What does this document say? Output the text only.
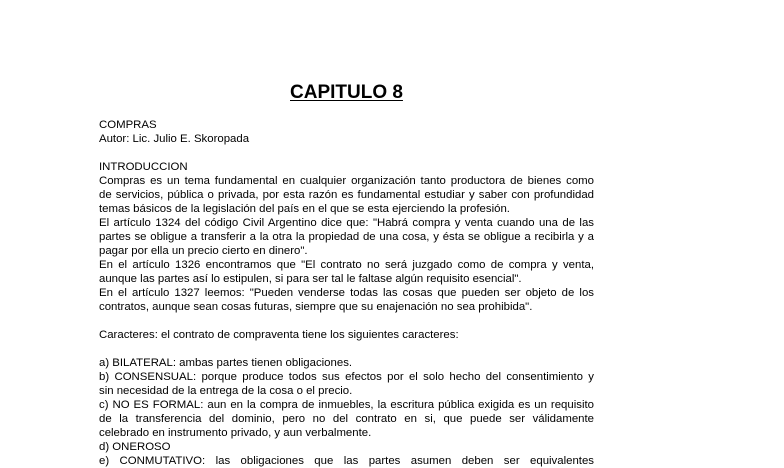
CAPITULO 8
COMPRAS
Autor: Lic. Julio E. Skoropada
INTRODUCCION
Compras es un tema fundamental en cualquier organización tanto productora de bienes como
de servicios, pública o privada, por esta razón es fundamental estudiar y saber con profundidad
temas básicos de la legislación del país en el que se esta ejerciendo la profesión.
El artículo 1324 del código Civil Argentino dice que: "Habrá compra y venta cuando una de las
partes se obligue a transferir a la otra la propiedad de una cosa, y ésta se obligue a recibirla y a
pagar por ella un precio cierto en dinero".
En el artículo 1326 encontramos que "El contrato no será juzgado como de compra y venta,
aunque las partes así lo estipulen, si para ser tal le faltase algún requisito esencial".
En el artículo 1327 leemos: "Pueden venderse todas las cosas que pueden ser objeto de los
contratos, aunque sean cosas futuras, siempre que su enajenación no sea prohibida".
Caracteres: el contrato de compraventa tiene los siguientes caracteres:
a) BILATERAL: ambas partes tienen obligaciones.
b) CONSENSUAL: porque produce todos sus efectos por el solo hecho del consentimiento y
sin necesidad de la entrega de la cosa o el precio.
c) NO ES FORMAL: aun en la compra de inmuebles, la escritura pública exigida es un requisito
de la transferencia del dominio, pero no del contrato en si, que puede ser válidamente
celebrado en instrumento privado, y aun verbalmente.
d) ONEROSO
e) CONMUTATIVO: las obligaciones que las partes asumen deben ser equivalentes
